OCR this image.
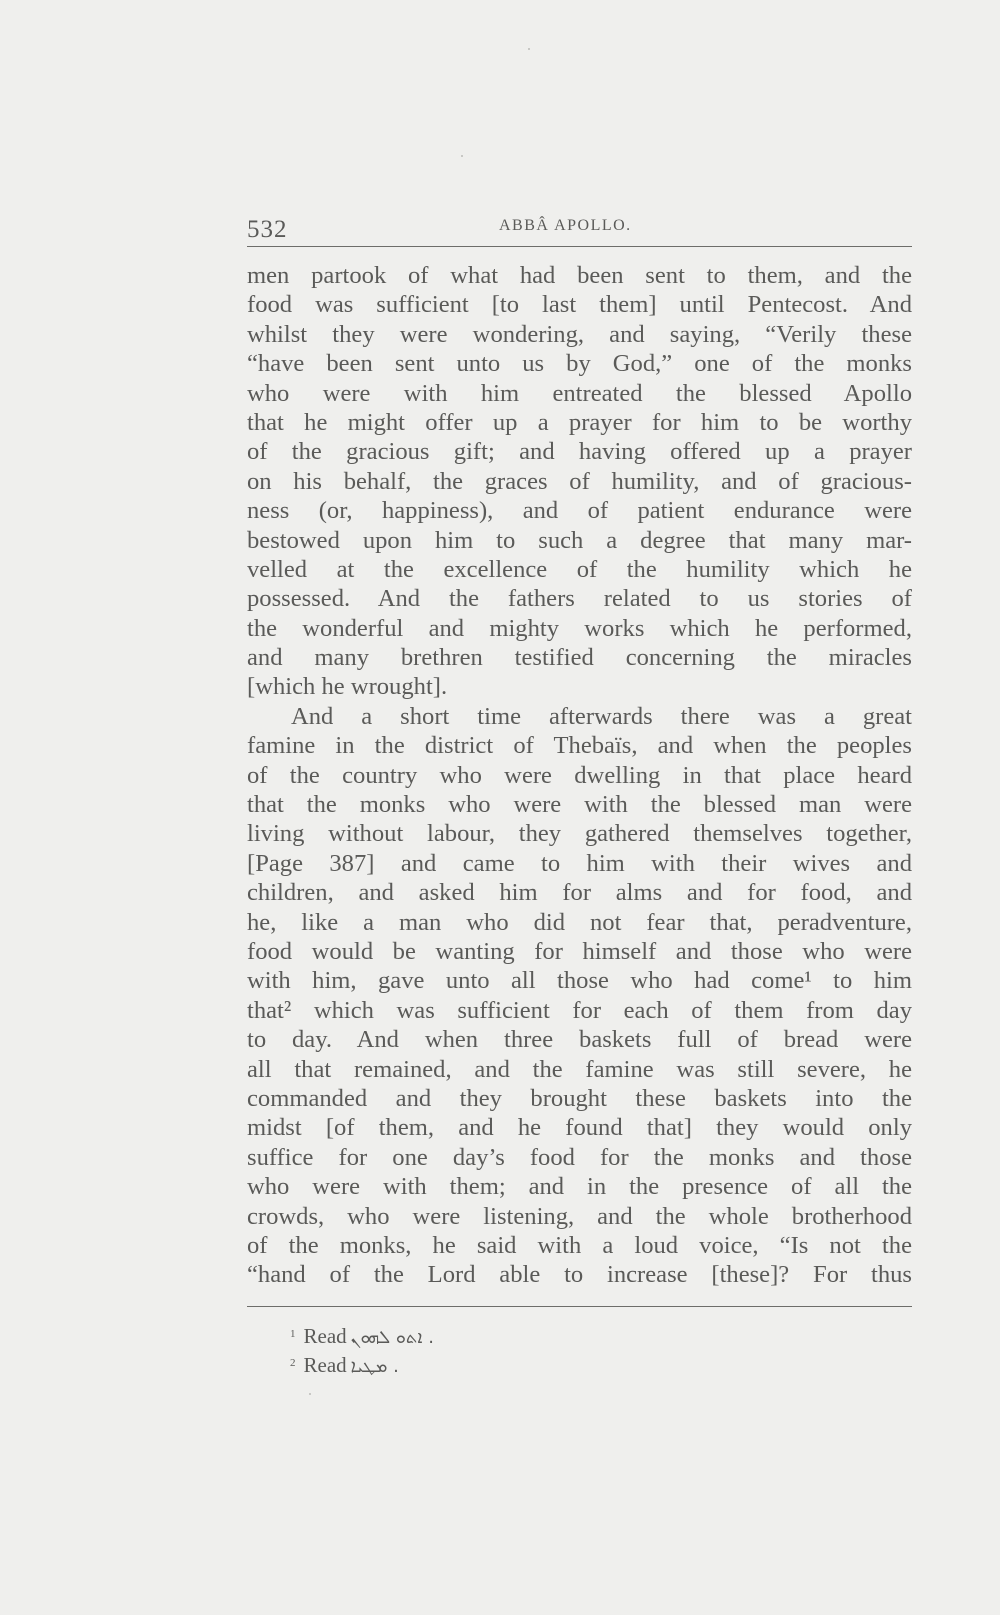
532	ABBÂ APOLLO.
men partook of what had been sent to them, and the
food was sufficient [to last them] until Pentecost. And
whilst they were wondering, and saying, “Verily these
“have been sent unto us by God,” one of the monks
who were with him entreated the blessed Apollo
that he might offer up a prayer for him to be worthy
of the gracious gift; and having offered up a prayer
on his behalf, the graces of humility, and of gracious-
ness (or, happiness), and of patient endurance were
bestowed upon him to such a degree that many mar-
velled at the excellence of the humility which he
possessed. And the fathers related to us stories of
the wonderful and mighty works which he performed,
and many brethren testified concerning the miracles
[which he wrought].
And a short time afterwards there was a great
famine in the district of Thebaïs, and when the peoples
of the country who were dwelling in that place heard
that the monks who were with the blessed man were
living without labour, they gathered themselves together,
[Page 387] and came to him with their wives and
children, and asked him for alms and for food, and
he, like a man who did not fear that, peradventure,
food would be wanting for himself and those who were
with him, gave unto all those who had come¹ to him
that² which was sufficient for each of them from day
to day. And when three baskets full of bread were
all that remained, and the famine was still severe, he
commanded and they brought these baskets into the
midst [of them, and he found that] they would only
suffice for one day’s food for the monks and those
who were with them; and in the presence of all the
crowds, who were listening, and the whole brotherhood
of the monks, he said with a loud voice, “Is not the
“hand of the Lord able to increase [these]? For thus
$^1$ Read ܐܬܘ ܠܗܘܢ .
$^2$ Read ܡܛܝܐ .
